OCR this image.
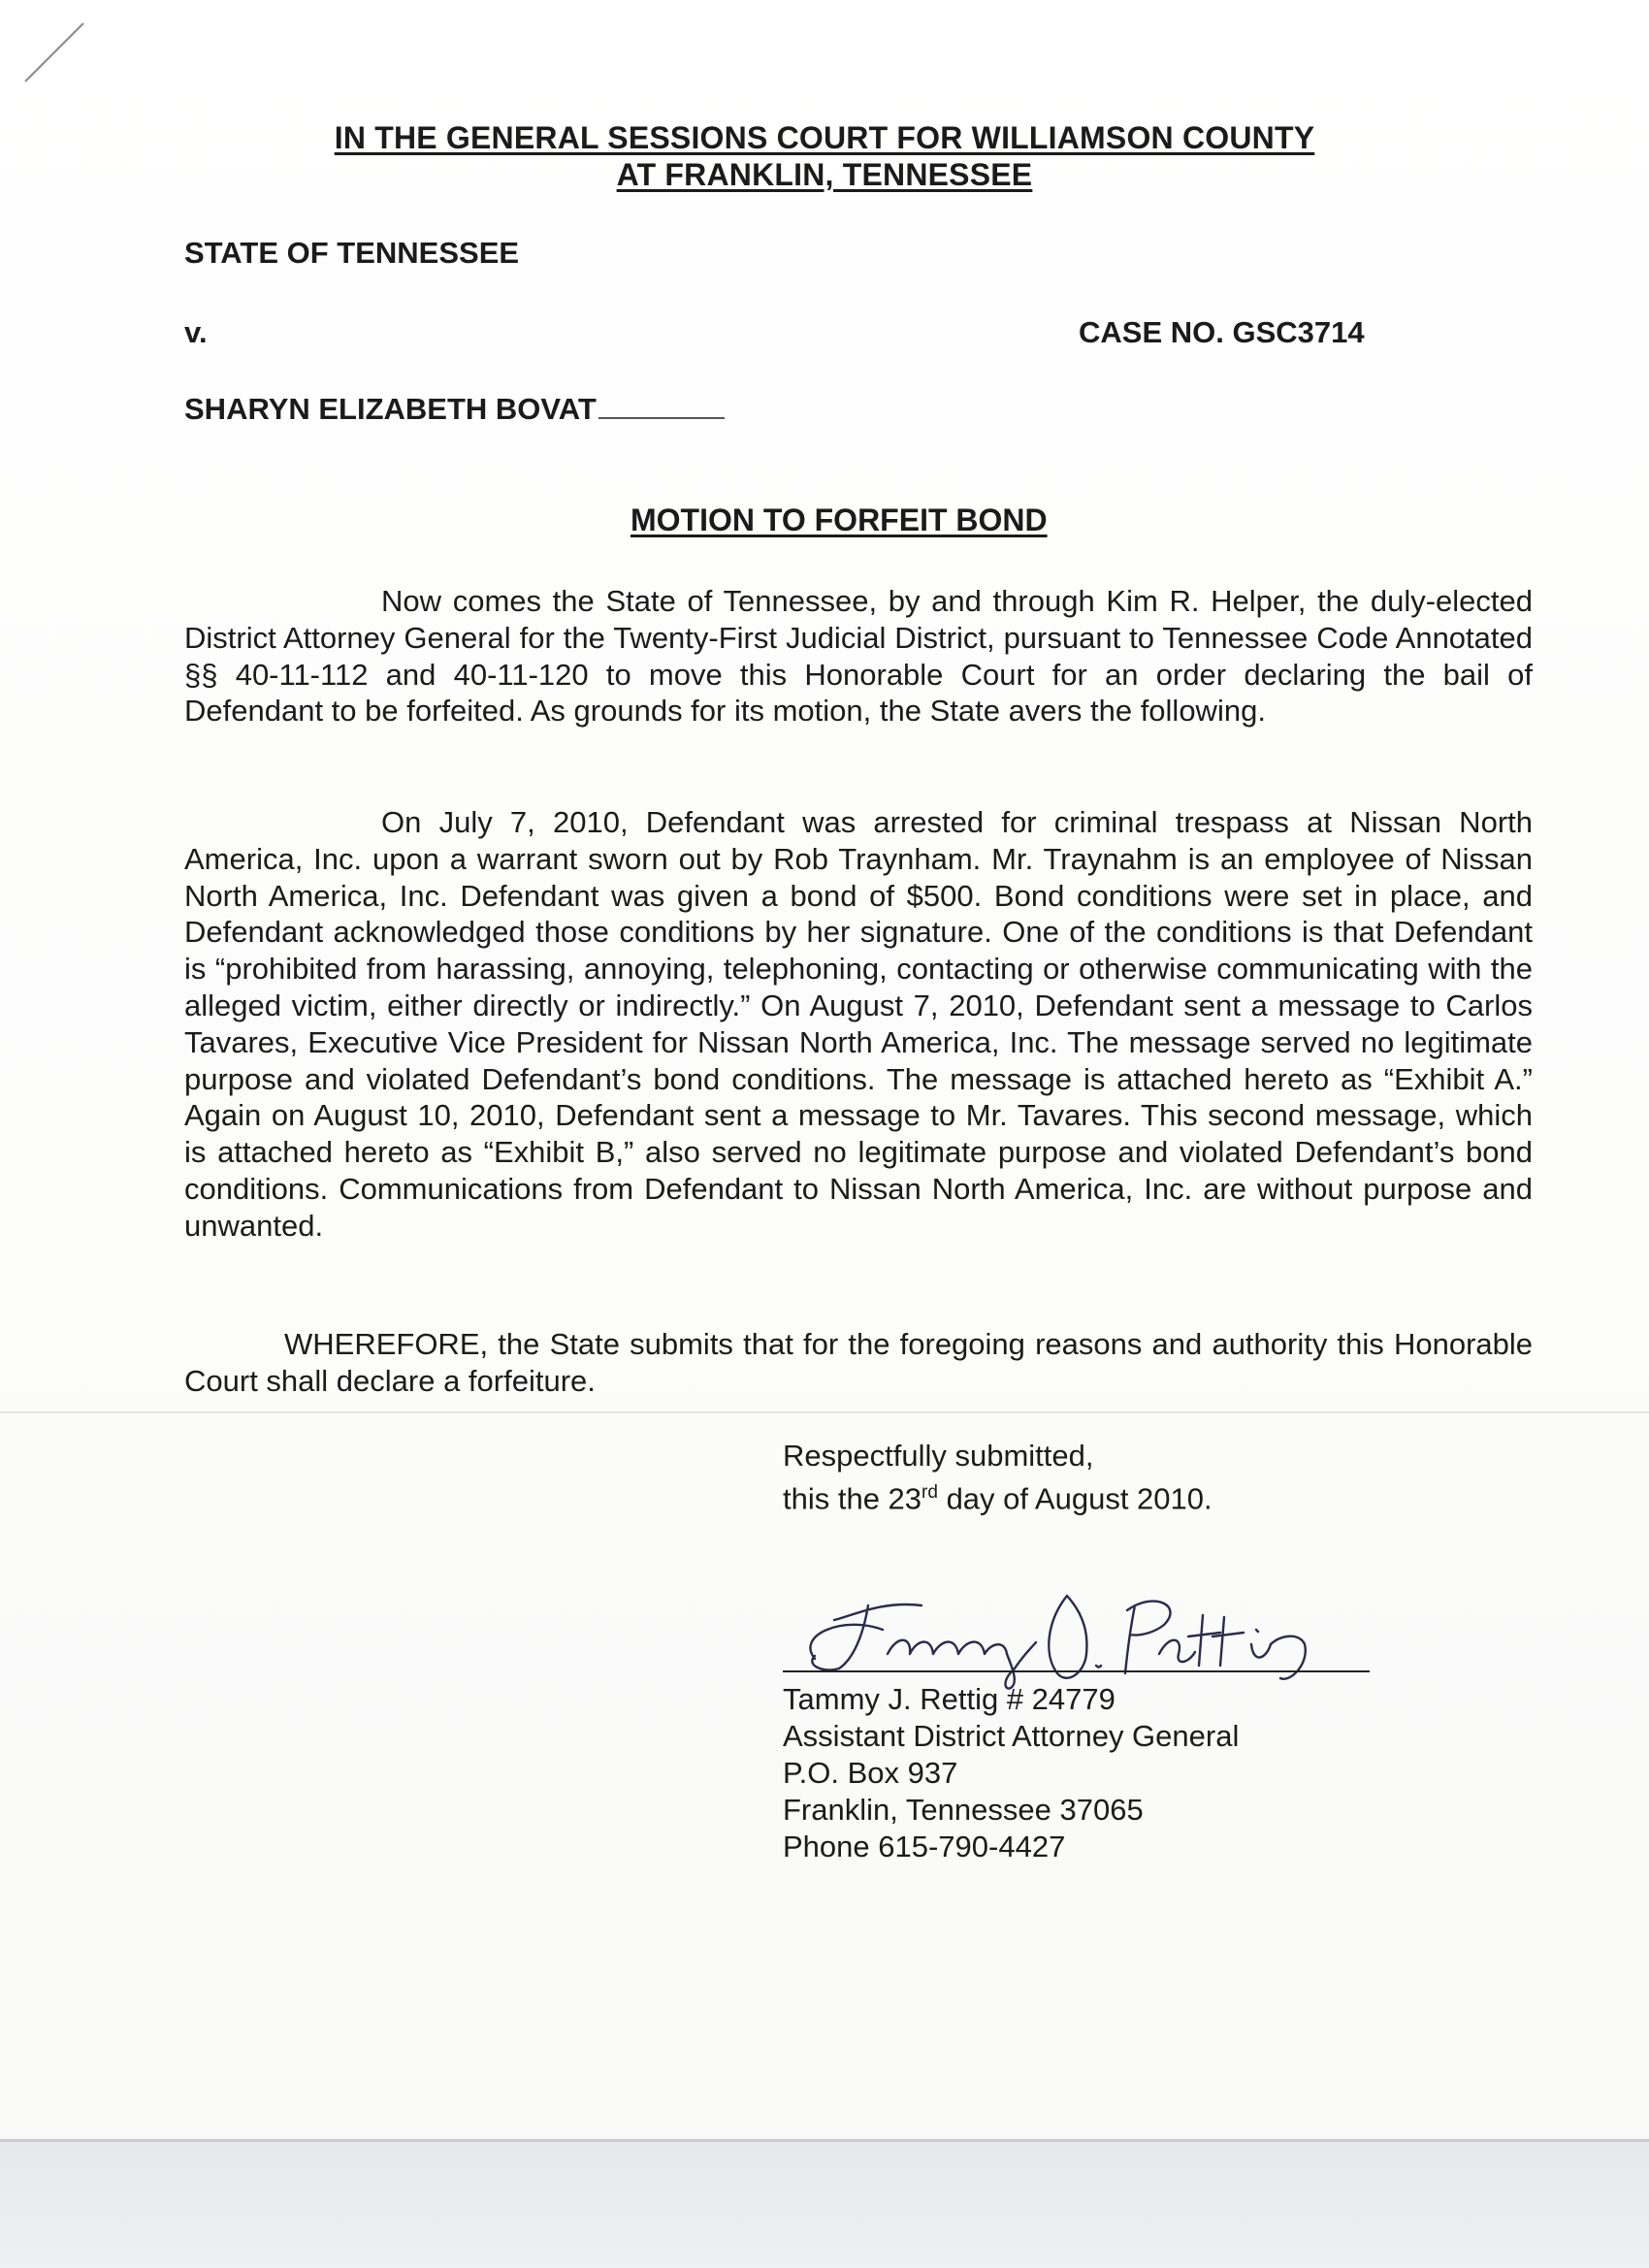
IN THE GENERAL SESSIONS COURT FOR WILLIAMSON COUNTY
AT FRANKLIN, TENNESSEE
STATE OF TENNESSEE
v.	CASE NO. GSC3714
SHARYN ELIZABETH BOVAT
MOTION TO FORFEIT BOND

Now comes the State of Tennessee, by and through Kim R. Helper, the duly-elected District Attorney General for the Twenty-First Judicial District, pursuant to Tennessee Code Annotated §§ 40-11-112 and 40-11-120 to move this Honorable Court for an order declaring the bail of Defendant to be forfeited. As grounds for its motion, the State avers the following.

On July 7, 2010, Defendant was arrested for criminal trespass at Nissan North America, Inc. upon a warrant sworn out by Rob Traynham. Mr. Traynahm is an employee of Nissan North America, Inc. Defendant was given a bond of $500. Bond conditions were set in place, and Defendant acknowledged those conditions by her signature. One of the conditions is that Defendant is “prohibited from harassing, annoying, telephoning, contacting or otherwise communicating with the alleged victim, either directly or indirectly.” On August 7, 2010, Defendant sent a message to Carlos Tavares, Executive Vice President for Nissan North America, Inc. The message served no legitimate purpose and violated Defendant’s bond conditions. The message is attached hereto as “Exhibit A.” Again on August 10, 2010, Defendant sent a message to Mr. Tavares. This second message, which is attached hereto as “Exhibit B,” also served no legitimate purpose and violated Defendant’s bond conditions. Communications from Defendant to Nissan North America, Inc. are without purpose and unwanted.

WHEREFORE, the State submits that for the foregoing reasons and authority this Honorable Court shall declare a forfeiture.

Respectfully submitted,
this the 23rd day of August 2010.
Tammy J. Rettig
Tammy J. Rettig # 24779
Assistant District Attorney General
P.O. Box 937
Franklin, Tennessee 37065
Phone 615-790-4427
